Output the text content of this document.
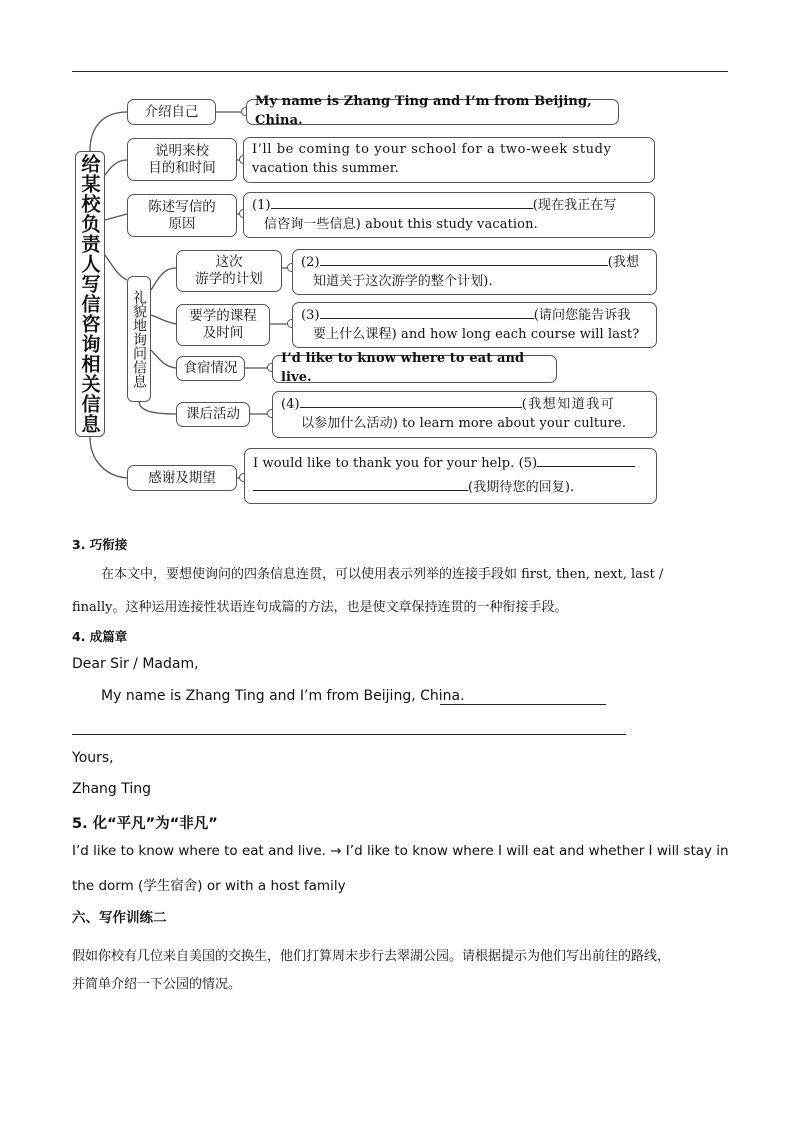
给某校负责人写信咨询相关信息	礼貌地询问信息
介绍自己
说明来校
目的和时间
陈述写信的
原因
这次
游学的计划
要学的课程
及时间
食宿情况
课后活动
感谢及期望
My name is Zhang Ting and I’m from Beijing, China.
I’ll be coming to your school for a two-week study
vacation this summer.
(1)	(现在我正在写
信咨询一些信息) about this study vacation.
(2)	(我想
知道关于这次游学的整个计划).
(3)	(请问您能告诉我
要上什么课程) and how long each course will last?
I’d like to know where to eat and live.
(4)	(我想知道我可
以参加什么活动) to learn more about your culture.
I would like to thank you for your help. (5)
(我期待您的回复).
3. 巧衔接
在本文中，要想使询问的四条信息连贯，可以使用表示列举的连接手段如 first, then, next, last /
finally。这种运用连接性状语连句成篇的方法，也是使文章保持连贯的一种衔接手段。
4. 成篇章
Dear Sir / Madam,
My name is Zhang Ting and I’m from Beijing, China.
Yours,
Zhang Ting
5. 化“平凡”为“非凡”
I’d like to know where to eat and live. → I’d like to know where I will eat and whether I will stay in
the dorm (学生宿舍) or with a host family
六、写作训练二
假如你校有几位来自美国的交换生，他们打算周末步行去翠湖公园。请根据提示为他们写出前往的路线，
并简单介绍一下公园的情况。
